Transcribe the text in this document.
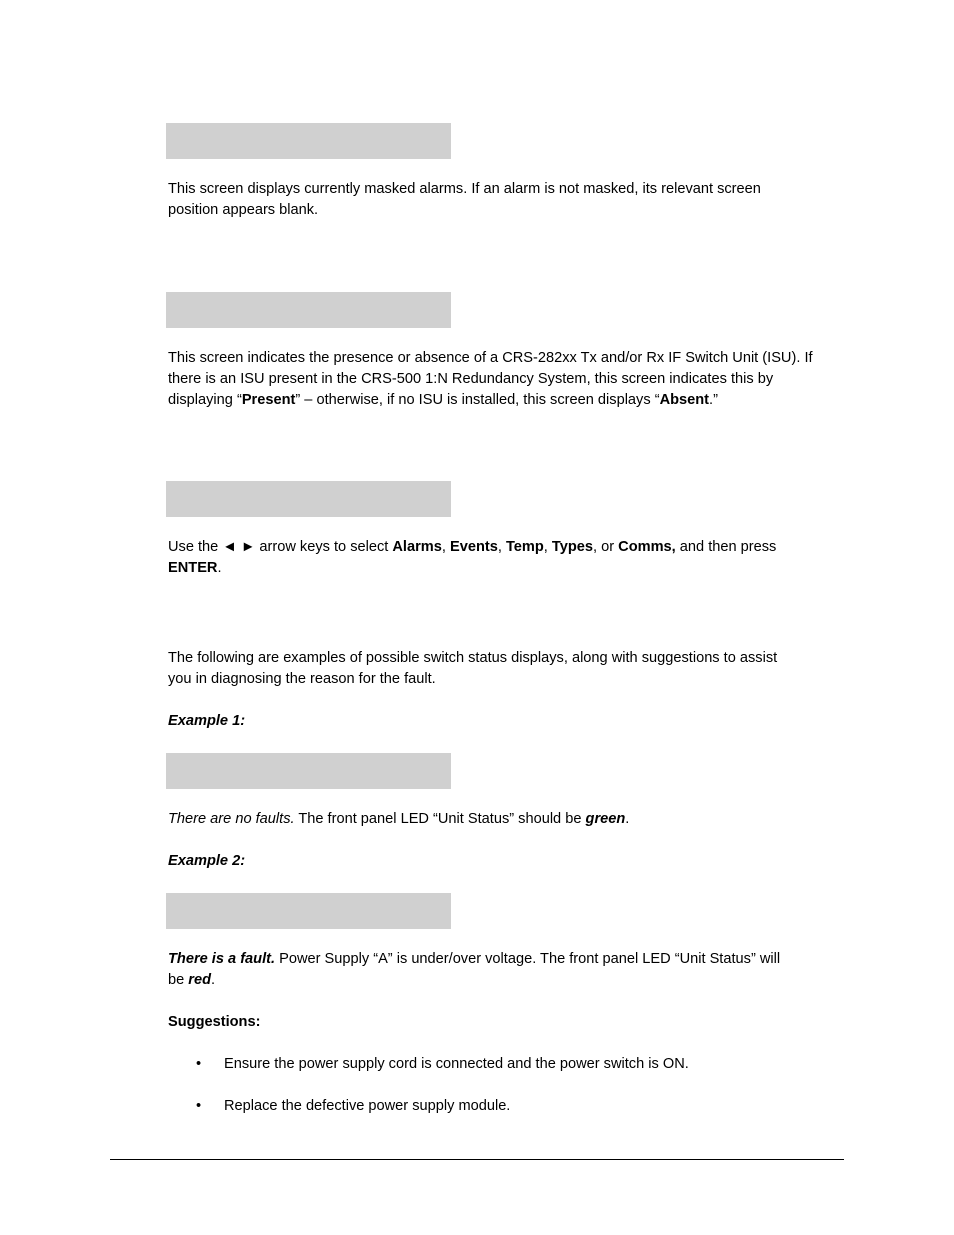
This screen displays currently masked alarms. If an alarm is not masked, its relevant screen
position appears blank.
This screen indicates the presence or absence of a CRS-282xx Tx and/or Rx IF Switch Unit (ISU). If
there is an ISU present in the CRS-500 1:N Redundancy System, this screen indicates this by
displaying “Present” – otherwise, if no ISU is installed, this screen displays “Absent.”
Use the ◄ ► arrow keys to select Alarms, Events, Temp, Types, or Comms, and then press
ENTER.
The following are examples of possible switch status displays, along with suggestions to assist
you in diagnosing the reason for the fault.
Example 1:
There are no faults. The front panel LED “Unit Status” should be green.
Example 2:
There is a fault. Power Supply “A” is under/over voltage. The front panel LED “Unit Status” will
be red.
Suggestions:
• Ensure the power supply cord is connected and the power switch is ON.
• Replace the defective power supply module.
